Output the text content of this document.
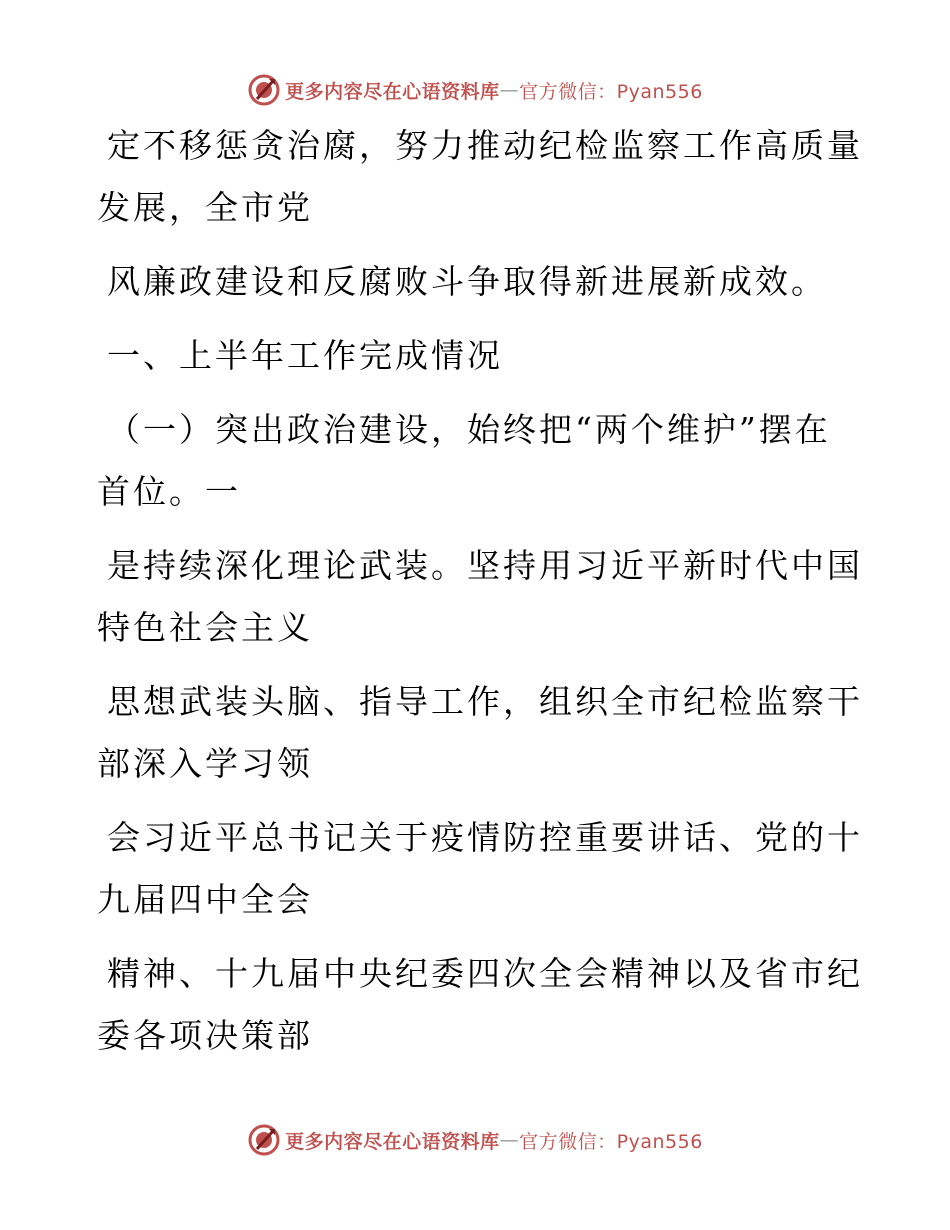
更多内容尽在心语资料库 — 官方微信：Pyan556

定不移惩贪治腐，努力推动纪检监察工作高质量
发展，全市党

风廉政建设和反腐败斗争取得新进展新成效。

一、上半年工作完成情况

（一）突出政治建设，始终把“两个维护”摆在
首位。一

是持续深化理论武装。坚持用习近平新时代中国
特色社会主义

思想武装头脑、指导工作，组织全市纪检监察干
部深入学习领

会习近平总书记关于疫情防控重要讲话、党的十
九届四中全会

精神、十九届中央纪委四次全会精神以及省市纪
委各项决策部

更多内容尽在心语资料库 — 官方微信：Pyan556
